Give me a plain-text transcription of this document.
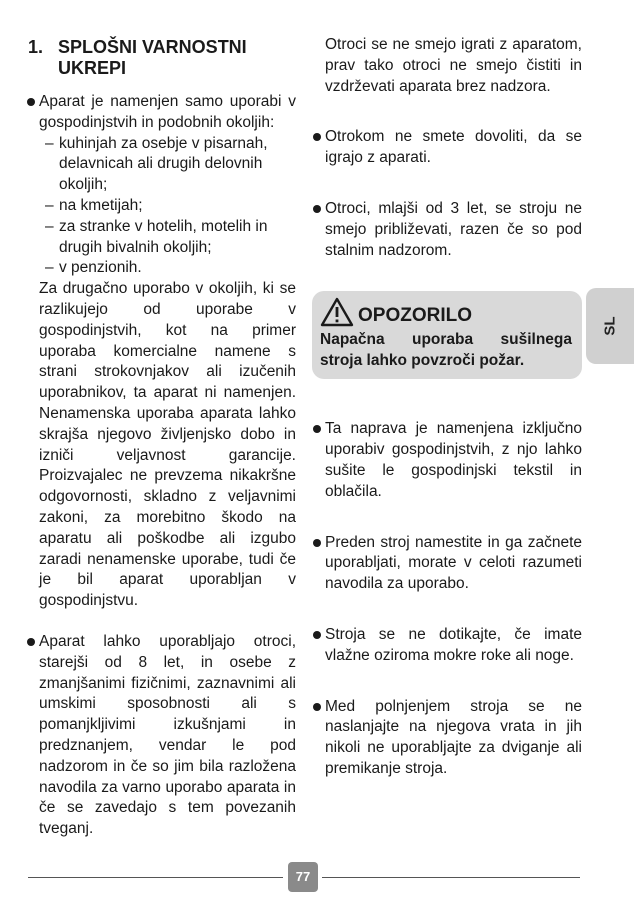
1. SPLOŠNI VARNOSTNI
UKREPI
Aparat je namenjen samo uporabi v gospodinjstvih in podobnih okoljih:
– kuhinjah za osebje v pisarnah, delavnicah ali drugih delovnih okoljih;
– na kmetijah;
– za stranke v hotelih, motelih in drugih bivalnih okoljih;
– v penzionih.
Za drugačno uporabo v okoljih, ki se razlikujejo od uporabe v gospodinjstvih, kot na primer uporaba komercialne namene s strani strokovnjakov ali izučenih uporabnikov, ta aparat ni namenjen. Nenamenska uporaba aparata lahko skrajša njegovo življenjsko dobo in izniči veljavnost garancije. Proizvajalec ne prevzema nikakršne odgovornosti, skladno z veljavnimi zakoni, za morebitno škodo na aparatu ali poškodbe ali izgubo zaradi nenamenske uporabe, tudi če je bil aparat uporabljan v gospodinjstvu.
Aparat lahko uporabljajo otroci, starejši od 8 let, in osebe z zmanjšanimi fizičnimi, zaznavnimi ali umskimi sposobnosti ali s pomanjkljivimi izkušnjami in predznanjem, vendar le pod nadzorom in če so jim bila razložena navodila za varno uporabo aparata in če se zavedajo s tem povezanih tveganj.
Otroci se ne smejo igrati z aparatom, prav tako otroci ne smejo čistiti in vzdrževati aparata brez nadzora.
Otrokom ne smete dovoliti, da se igrajo z aparati.
Otroci, mlajši od 3 let, se stroju ne smejo približevati, razen če so pod stalnim nadzorom.
OPOZORILO
Napačna uporaba sušilnega stroja lahko povzroči požar.
Ta naprava je namenjena izključno uporabiv gospodinjstvih, z njo lahko sušite le gospodinjski tekstil in oblačila.
Preden stroj namestite in ga začnete uporabljati, morate v celoti razumeti navodila za uporabo.
Stroja se ne dotikajte, če imate vlažne oziroma mokre roke ali noge.
Med polnjenjem stroja se ne naslanjajte na njegova vrata in jih nikoli ne uporabljajte za dviganje ali premikanje stroja.
SL
77
